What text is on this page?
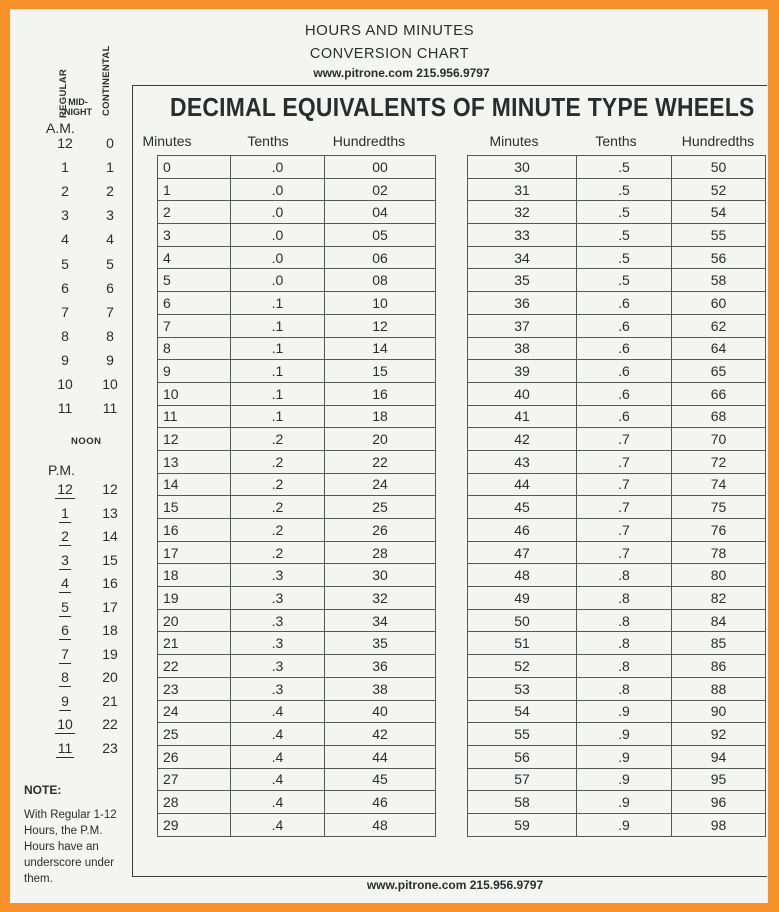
HOURS AND MINUTES
CONVERSION CHART
www.pitrone.com 215.956.9797
REGULAR	CONTINENTAL
MID-
NIGHT
A.M.
NOON
P.M.
12	0
1	1
2	2
3	3
4	4
5	5
6	6
7	7
8	8
9	9
10	10
11	11
12	12
1	13
2	14
3	15
4	16
5	17
6	18
7	19
8	20
9	21
10	22
11	23
NOTE:
With Regular 1-12 Hours, the P.M. Hours have an underscore under them.
DECIMAL EQUIVALENTS OF MINUTE TYPE WHEELS
Minutes	Tenths	Hundredths	Minutes	Tenths	Hundredths
0	.0	00
1	.0	02
2	.0	04
3	.0	05
4	.0	06
5	.0	08
6	.1	10
7	.1	12
8	.1	14
9	.1	15
10	.1	16
11	.1	18
12	.2	20
13	.2	22
14	.2	24
15	.2	25
16	.2	26
17	.2	28
18	.3	30
19	.3	32
20	.3	34
21	.3	35
22	.3	36
23	.3	38
24	.4	40
25	.4	42
26	.4	44
27	.4	45
28	.4	46
29	.4	48
30	.5	50
31	.5	52
32	.5	54
33	.5	55
34	.5	56
35	.5	58
36	.6	60
37	.6	62
38	.6	64
39	.6	65
40	.6	66
41	.6	68
42	.7	70
43	.7	72
44	.7	74
45	.7	75
46	.7	76
47	.7	78
48	.8	80
49	.8	82
50	.8	84
51	.8	85
52	.8	86
53	.8	88
54	.9	90
55	.9	92
56	.9	94
57	.9	95
58	.9	96
59	.9	98
www.pitrone.com 215.956.9797
